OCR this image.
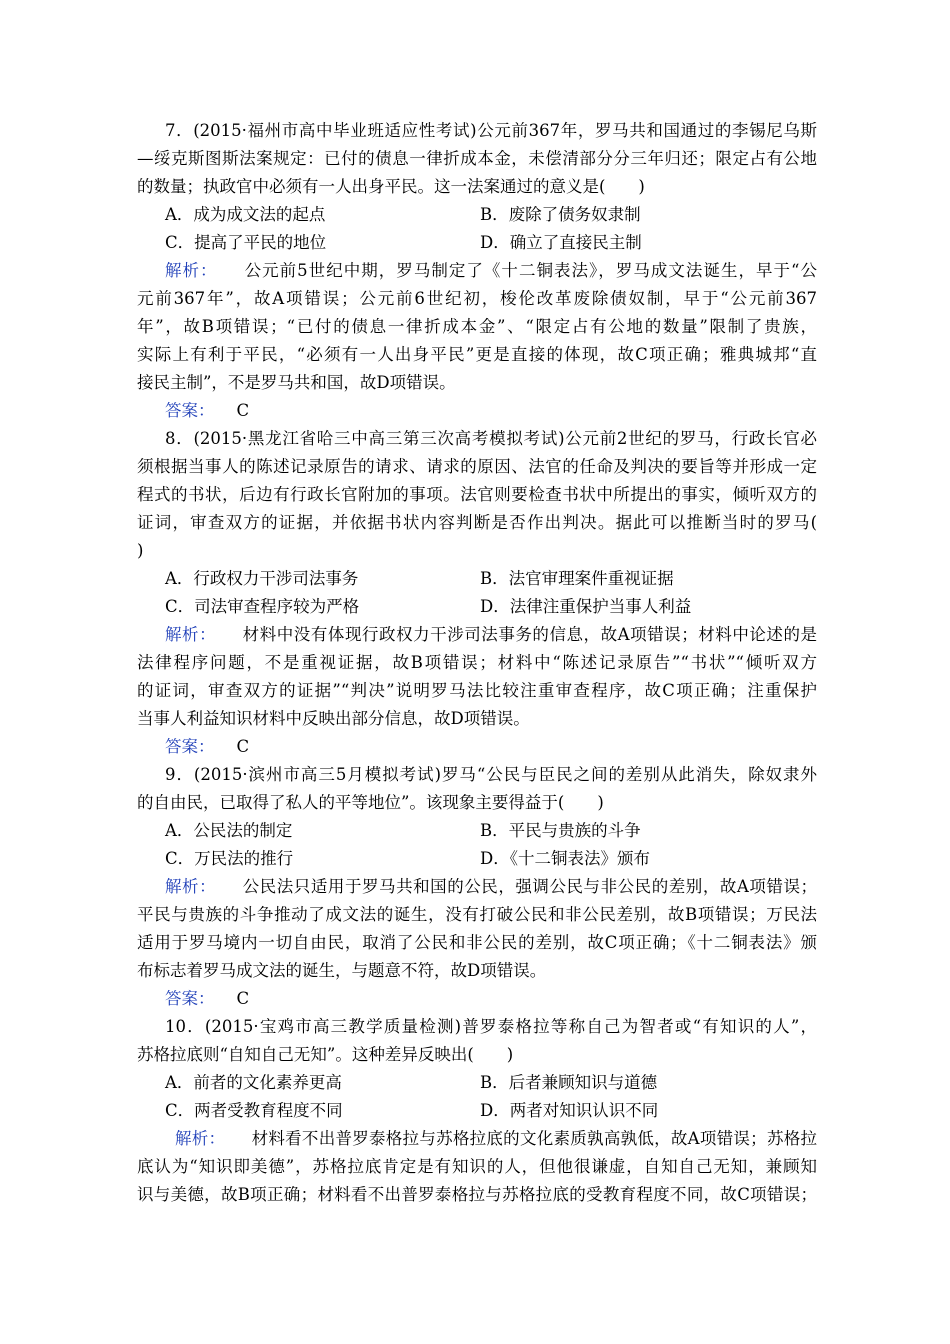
7．(2015·福州市高中毕业班适应性考试)公元前367年，罗马共和国通过的李锡尼乌斯
—绥克斯图斯法案规定：已付的债息一律折成本金，未偿清部分分三年归还；限定占有公地
的数量；执政官中必须有一人出身平民。这一法案通过的意义是(　　)
A．成为成文法的起点	B．废除了债务奴隶制
C．提高了平民的地位	D．确立了直接民主制
解析： 公元前5世纪中期，罗马制定了《十二铜表法》，罗马成文法诞生，早于“公
元前367年”，故A项错误；公元前6世纪初，梭伦改革废除债奴制，早于“公元前367
年”，故B项错误；“已付的债息一律折成本金”、“限定占有公地的数量”限制了贵族，
实际上有利于平民，“必须有一人出身平民”更是直接的体现，故C项正确；雅典城邦“直
接民主制”，不是罗马共和国，故D项错误。
答案： C
8．(2015·黑龙江省哈三中高三第三次高考模拟考试)公元前2世纪的罗马，行政长官必
须根据当事人的陈述记录原告的请求、请求的原因、法官的任命及判决的要旨等并形成一定
程式的书状，后边有行政长官附加的事项。法官则要检查书状中所提出的事实，倾听双方的
证词，审查双方的证据，并依据书状内容判断是否作出判决。据此可以推断当时的罗马(
)
A．行政权力干涉司法事务	B．法官审理案件重视证据
C．司法审查程序较为严格	D．法律注重保护当事人利益
解析： 材料中没有体现行政权力干涉司法事务的信息，故A项错误；材料中论述的是
法律程序问题，不是重视证据，故B项错误；材料中“陈述记录原告”“书状”“倾听双方
的证词，审查双方的证据”“判决”说明罗马法比较注重审查程序，故C项正确；注重保护
当事人利益知识材料中反映出部分信息，故D项错误。
答案： C
9．(2015·滨州市高三5月模拟考试)罗马“公民与臣民之间的差别从此消失，除奴隶外
的自由民，已取得了私人的平等地位”。该现象主要得益于(　　)
A．公民法的制定	B．平民与贵族的斗争
C．万民法的推行	D．《十二铜表法》颁布
解析： 公民法只适用于罗马共和国的公民，强调公民与非公民的差别，故A项错误；
平民与贵族的斗争推动了成文法的诞生，没有打破公民和非公民差别，故B项错误；万民法
适用于罗马境内一切自由民，取消了公民和非公民的差别，故C项正确；《十二铜表法》颁
布标志着罗马成文法的诞生，与题意不符，故D项错误。
答案： C
10．(2015·宝鸡市高三教学质量检测)普罗泰格拉等称自己为智者或“有知识的人”，
苏格拉底则“自知自己无知”。这种差异反映出(　　)
A．前者的文化素养更高	B．后者兼顾知识与道德
C．两者受教育程度不同	D．两者对知识认识不同
解析： 材料看不出普罗泰格拉与苏格拉底的文化素质孰高孰低，故A项错误；苏格拉
底认为“知识即美德”，苏格拉底肯定是有知识的人，但他很谦虚，自知自己无知，兼顾知
识与美德，故B项正确；材料看不出普罗泰格拉与苏格拉底的受教育程度不同，故C项错误；
